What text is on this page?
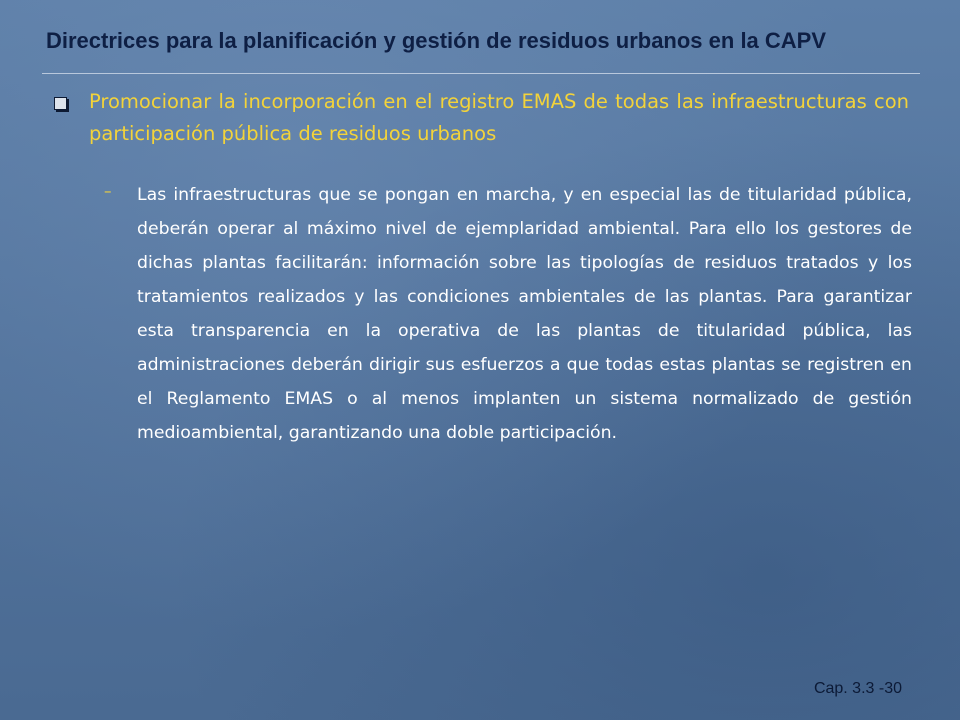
Directrices para la planificación y gestión de residuos urbanos en la CAPV
Promocionar la incorporación en el registro EMAS de todas las infraestructuras con participación pública de residuos urbanos
– Las infraestructuras que se pongan en marcha, y en especial las de titularidad pública, deberán operar al máximo nivel de ejemplaridad ambiental. Para ello los gestores de dichas plantas facilitarán: información sobre las tipologías de residuos tratados y los tratamientos realizados y las condiciones ambientales de las plantas. Para garantizar esta transparencia en la operativa de las plantas de titularidad pública, las administraciones deberán dirigir sus esfuerzos a que todas estas plantas se registren en el Reglamento EMAS o al menos implanten un sistema normalizado de gestión medioambiental, garantizando una doble participación.
Cap. 3.3 -30
